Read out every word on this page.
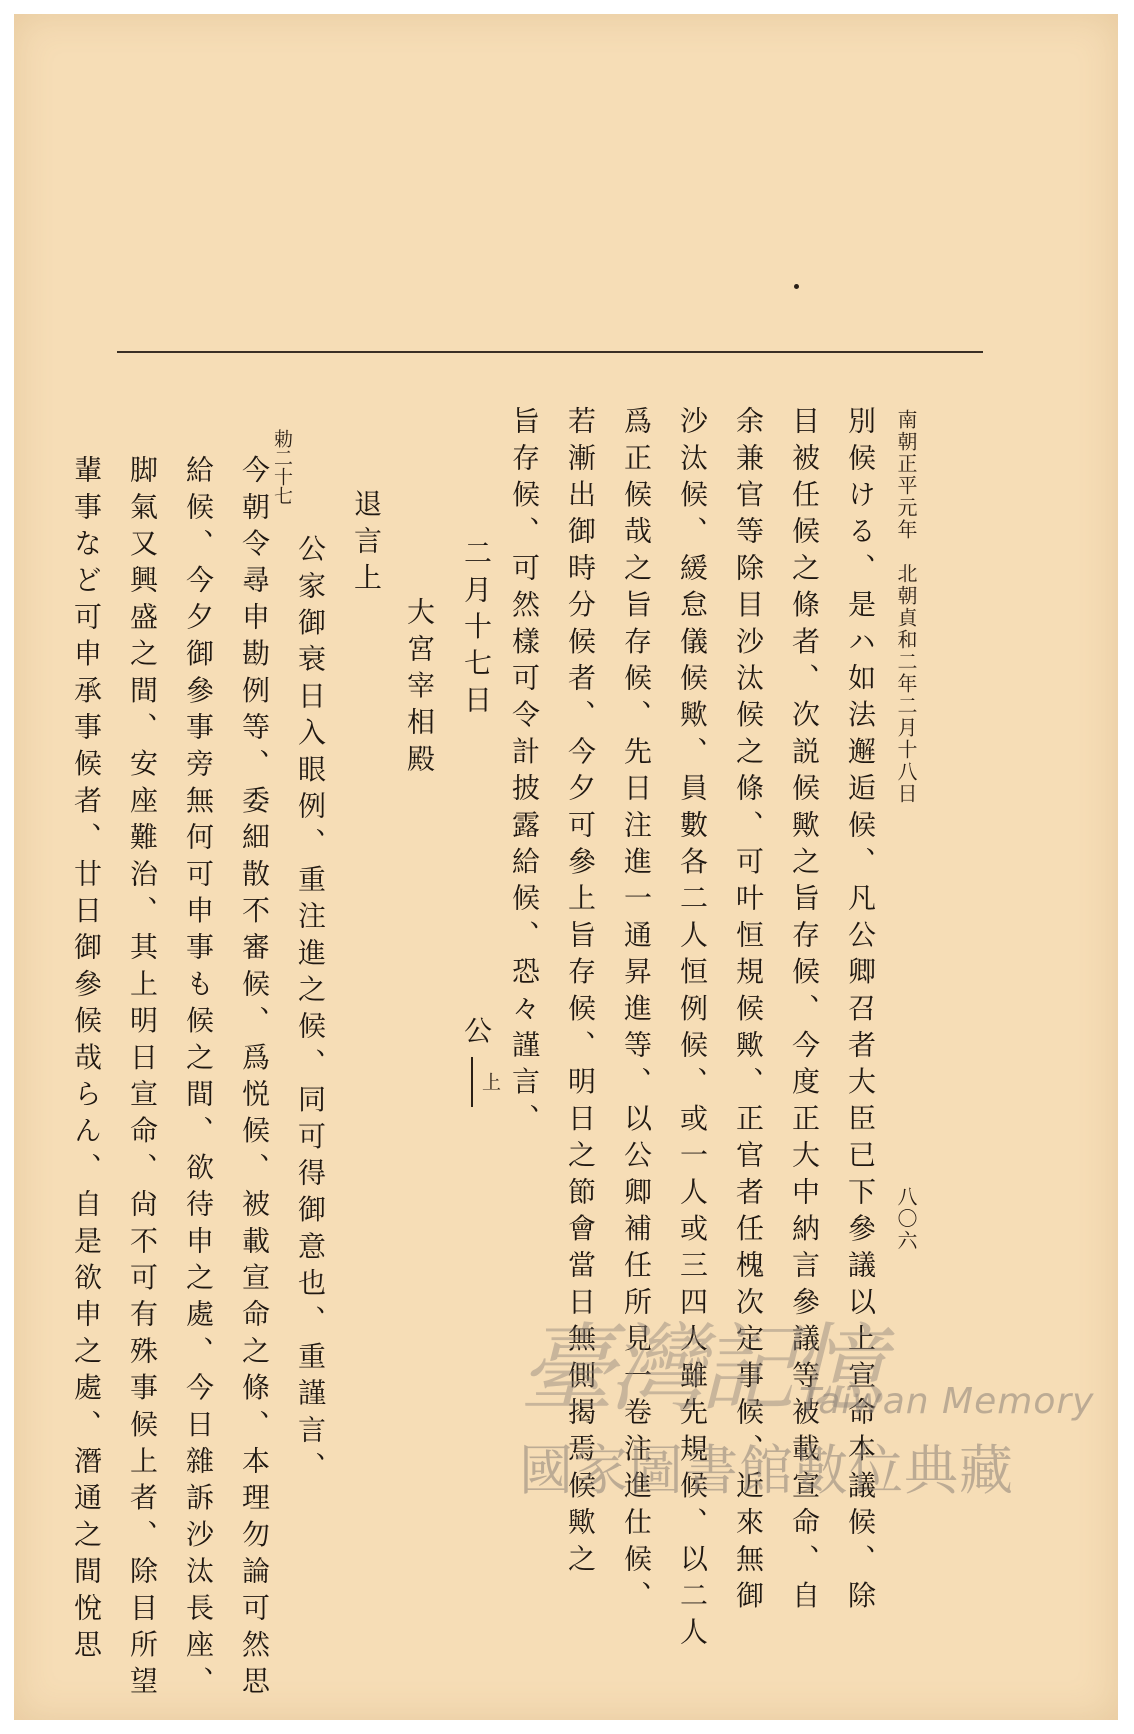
南朝正平元年　北朝貞和二年二月十八日
八〇六
別候ける、是ハ如法邂逅候、凡公卿召者大臣已下參議以上宣命本議候、除
目被任候之條者、次説候歟之旨存候、今度正大中納言參議等被載宣命、自
余兼官等除目沙汰候之條、可叶恒規候歟、正官者任槐次定事候、近來無御
沙汰候、緩怠儀候歟、員數各二人恒例候、或一人或三四人雖先規候、以二人
爲正候哉之旨存候、先日注進一通昇進等、以公卿補任所見一卷注進仕候、
若漸出御時分候者、今夕可參上旨存候、明日之節會當日無側揭焉候歟之
旨存候、可然樣可令計披露給候、恐々謹言、
二月十七日
公
上
大宮宰相殿
退言上
公家御衰日入眼例、重注進之候、同可得御意也、重謹言、
勅二十七
今朝令尋申勘例等、委細散不審候、爲悦候、被載宣命之條、本理勿論可然思
給候、今夕御參事旁無何可申事も候之間、欲待申之處、今日雜訴沙汰長座、
脚氣又興盛之間、安座難治、其上明日宣命、尙不可有殊事候上者、除目所望
輩事など可申承事候者、廿日御參候哉らん、自是欲申之處、潛通之間悅思	臺灣記憶
Taiwan Memory
國家圖書館數位典藏
